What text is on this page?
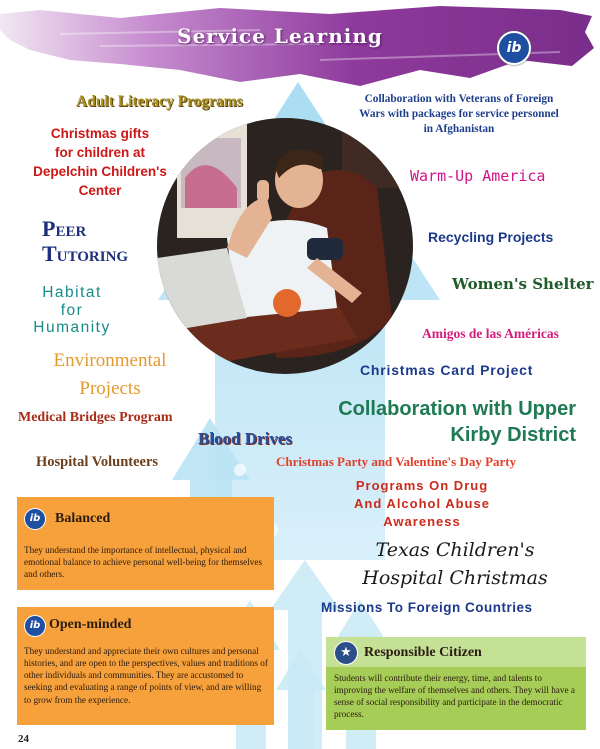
Service Learning	ib
Adult Literacy Programs
Christmas gifts
for children at
Depelchin Children's
Center
Collaboration with Veterans of Foreign
Wars with packages for service personnel
in Afghanistan
Warm-Up America
Peer
Tutoring
Recycling Projects
Habitat
for
Humanity
Women's Shelter
Amigos de las Américas
Environmental
Projects
Christmas Card Project
Medical Bridges Program	Collaboration with Upper
Kirby District
Blood Drives
Hospital Volunteers	Christmas Party and Valentine's Day Party
Programs On Drug
And Alcohol Abuse
Awareness
Texas Children's
Hospital Christmas
Missions To Foreign Countries
ib	Balanced
They understand the importance of intellectual, physical and emotional balance to achieve personal well-being for themselves and others.
ib Open-minded
They understand and appreciate their own cultures and personal histories, and are open to the perspectives, values and traditions of other individuals and communities. They are accustomed to seeking and evaluating a range of points of view, and are willing to grow from the experience.
★ Responsible Citizen
Students will contribute their energy, time, and talents to improving the welfare of themselves and others. They will have a sense of social responsibility and participate in the democratic process.
24
